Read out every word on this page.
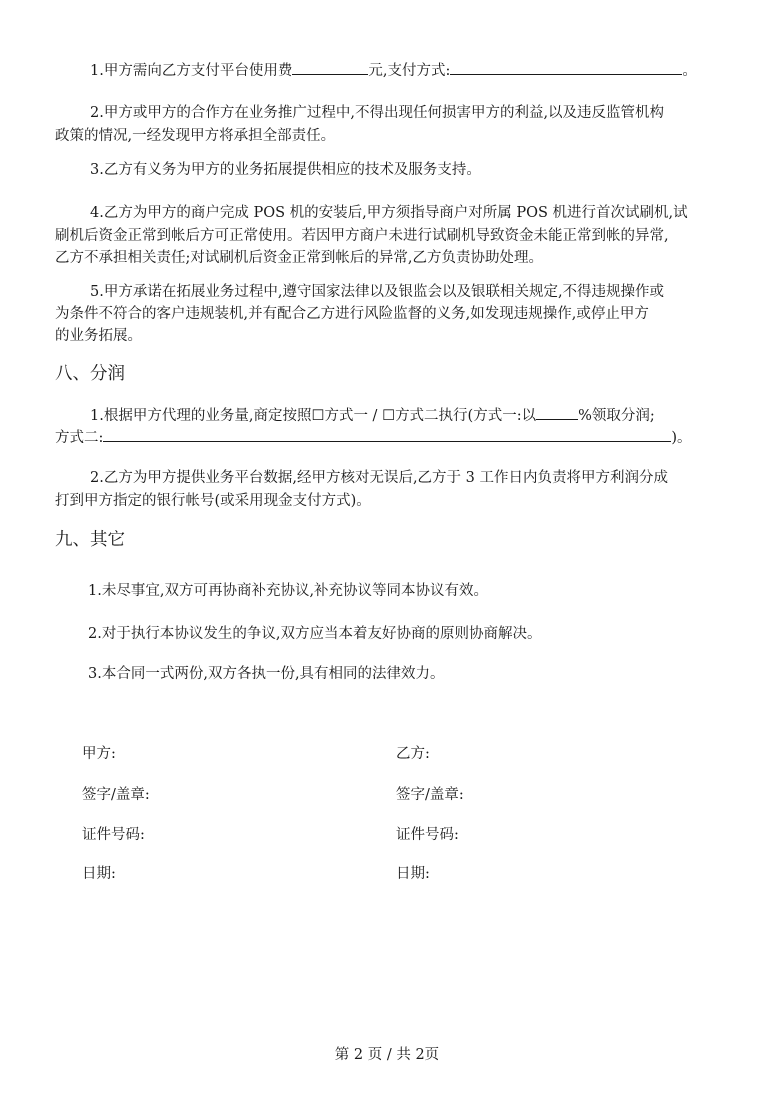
1.甲方需向乙方支付平台使用费	元,支付方式:	。
2.甲方或甲方的合作方在业务推广过程中,不得出现任何损害甲方的利益,以及违反监管机构
政策的情况,一经发现甲方将承担全部责任。
3.乙方有义务为甲方的业务拓展提供相应的技术及服务支持。
4.乙方为甲方的商户完成 POS 机的安装后,甲方须指导商户对所属 POS 机进行首次试刷机,试
刷机后资金正常到帐后方可正常使用。若因甲方商户未进行试刷机导致资金未能正常到帐的异常,
乙方不承担相关责任;对试刷机后资金正常到帐后的异常,乙方负责协助处理。
5.甲方承诺在拓展业务过程中,遵守国家法律以及银监会以及银联相关规定,不得违规操作或
为条件不符合的客户违规装机,并有配合乙方进行风险监督的义务,如发现违规操作,或停止甲方
的业务拓展。
八、分润
1.根据甲方代理的业务量,商定按照☐方式一 / ☐方式二执行(方式一:以	%领取分润;
方式二:	)。
2.乙方为甲方提供业务平台数据,经甲方核对无误后,乙方于 3 工作日内负责将甲方利润分成
打到甲方指定的银行帐号(或采用现金支付方式)。
九、其它
1.未尽事宜,双方可再协商补充协议,补充协议等同本协议有效。
2.对于执行本协议发生的争议,双方应当本着友好协商的原则协商解决。
3.本合同一式两份,双方各执一份,具有相同的法律效力。
甲方:	乙方:
签字/盖章:	签字/盖章:
证件号码:	证件号码:
日期:	日期:
第 2 页 / 共 2页
